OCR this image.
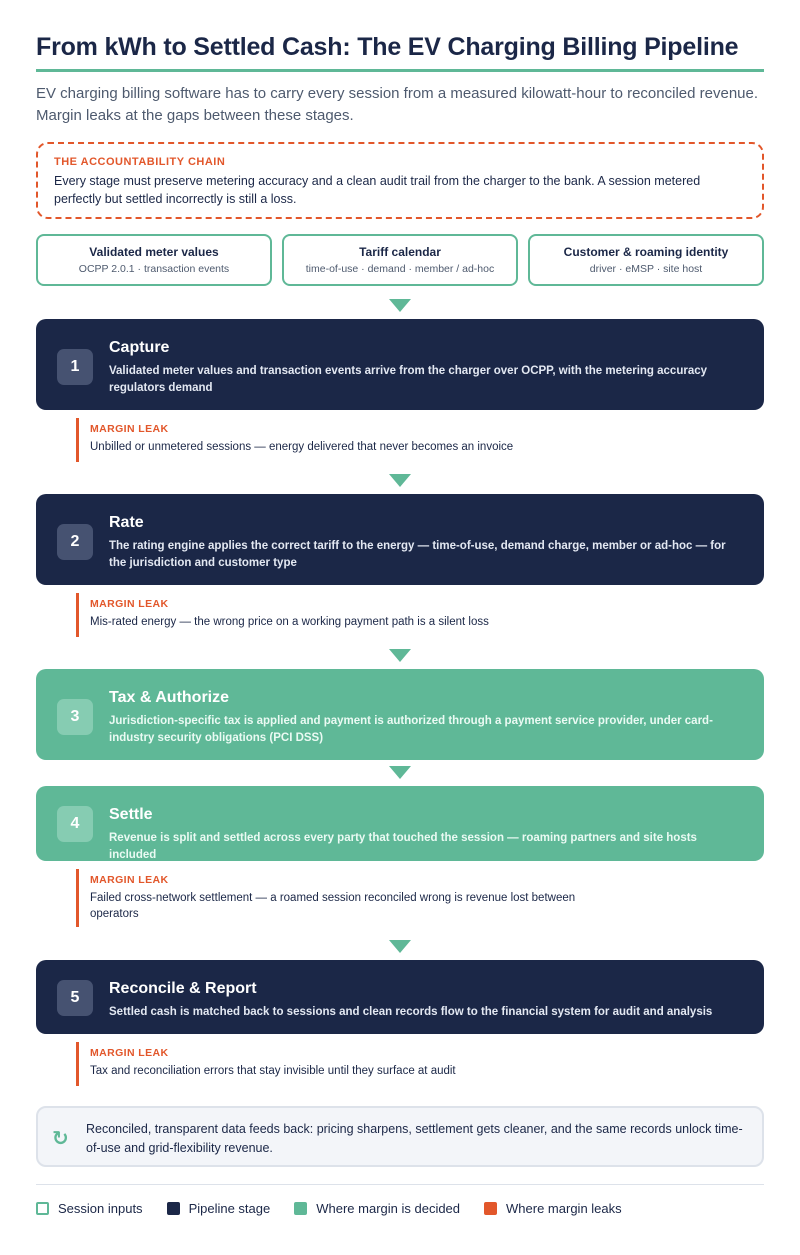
From kWh to Settled Cash: The EV Charging Billing Pipeline
EV charging billing software has to carry every session from a measured kilowatt-hour to reconciled revenue. Margin leaks at the gaps between these stages.
THE ACCOUNTABILITY CHAIN
Every stage must preserve metering accuracy and a clean audit trail from the charger to the bank. A session metered perfectly but settled incorrectly is still a loss.
Validated meter values
OCPP 2.0.1 · transaction events
Tariff calendar
time-of-use · demand · member / ad-hoc
Customer & roaming identity
driver · eMSP · site host
1
Capture
Validated meter values and transaction events arrive from the charger over OCPP, with the metering accuracy regulators demand
MARGIN LEAK
Unbilled or unmetered sessions — energy delivered that never becomes an invoice
2
Rate
The rating engine applies the correct tariff to the energy — time-of-use, demand charge, member or ad-hoc — for the jurisdiction and customer type
MARGIN LEAK
Mis-rated energy — the wrong price on a working payment path is a silent loss
3
Tax & Authorize
Jurisdiction-specific tax is applied and payment is authorized through a payment service provider, under card-industry security obligations (PCI DSS)
4
Settle
Revenue is split and settled across every party that touched the session — roaming partners and site hosts included
MARGIN LEAK
Failed cross-network settlement — a roamed session reconciled wrong is revenue lost between operators
5
Reconcile & Report
Settled cash is matched back to sessions and clean records flow to the financial system for audit and analysis
MARGIN LEAK
Tax and reconciliation errors that stay invisible until they surface at audit
↻ Reconciled, transparent data feeds back: pricing sharpens, settlement gets cleaner, and the same records unlock time-of-use and grid-flexibility revenue.
Session inputs	Pipeline stage	Where margin is decided	Where margin leaks
